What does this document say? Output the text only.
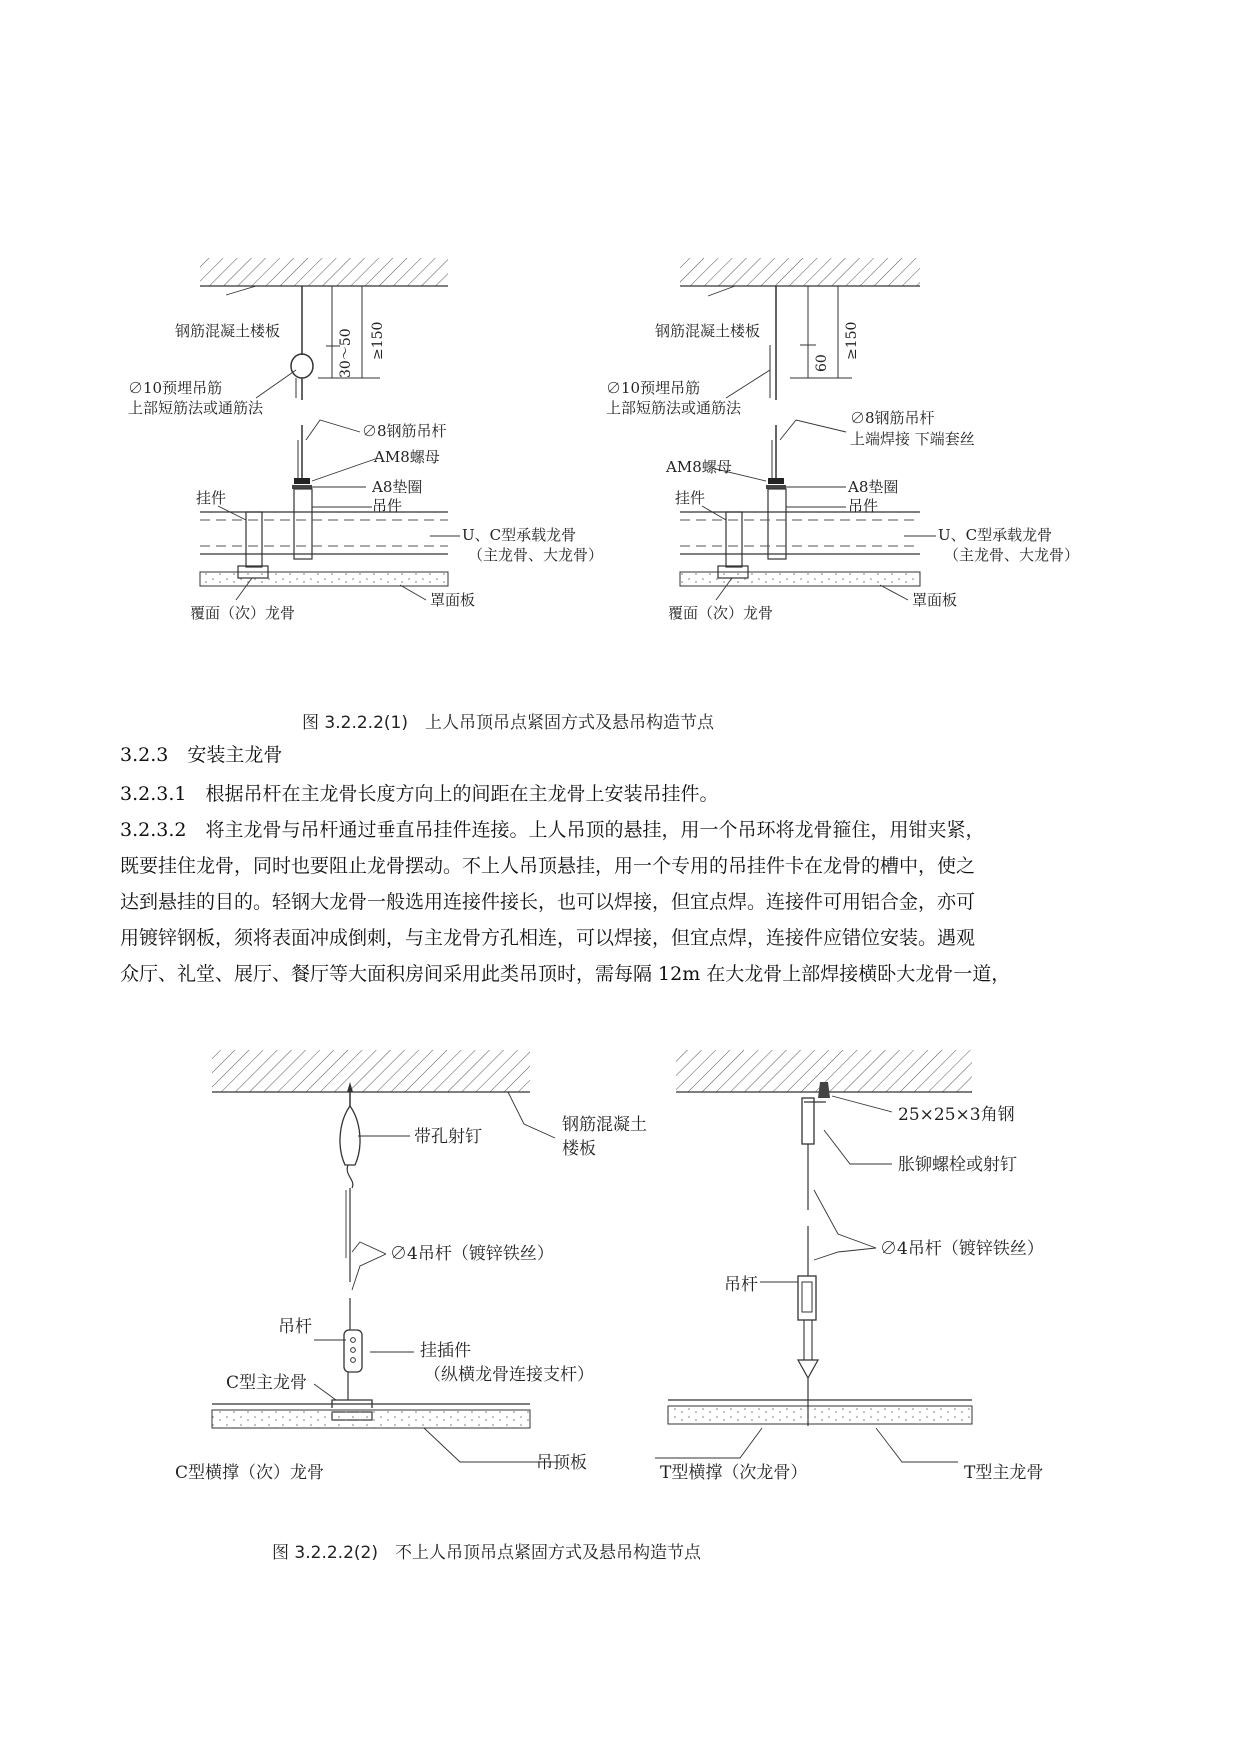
钢筋混凝土楼板
∅10预埋吊筋
上部短筋法或通筋法
∅8钢筋吊杆
AM8螺母
A8垫圈
吊件
挂件
U、C型承载龙骨
（主龙骨、大龙骨）
覆面（次）龙骨
罩面板
30～50 ≥150	钢筋混凝土楼板
∅10预埋吊筋
上部短筋法或通筋法
∅8钢筋吊杆
上端焊接 下端套丝
AM8螺母
A8垫圈
吊件
挂件
U、C型承载龙骨
（主龙骨、大龙骨）
覆面（次）龙骨
罩面板
60
≥150
图 3.2.2.2(1)　上人吊顶吊点紧固方式及悬吊构造节点
3.2.3　安装主龙骨
3.2.3.1　根据吊杆在主龙骨长度方向上的间距在主龙骨上安装吊挂件。
3.2.3.2　将主龙骨与吊杆通过垂直吊挂件连接。上人吊顶的悬挂，用一个吊环将龙骨箍住，用钳夹紧，
既要挂住龙骨，同时也要阻止龙骨摆动。不上人吊顶悬挂，用一个专用的吊挂件卡在龙骨的槽中，使之
达到悬挂的目的。轻钢大龙骨一般选用连接件接长，也可以焊接，但宜点焊。连接件可用铝合金，亦可
用镀锌钢板，须将表面冲成倒刺，与主龙骨方孔相连，可以焊接，但宜点焊，连接件应错位安装。遇观
众厅、礼堂、展厅、餐厅等大面积房间采用此类吊顶时，需每隔 12m 在大龙骨上部焊接横卧大龙骨一道，
带孔射钉
∅4吊杆（镀锌铁丝）
吊杆
挂插件
（纵横龙骨连接支杆）
C型主龙骨
C型横撑（次）龙骨
钢筋混凝土
楼板
吊顶板
25×25×3角钢
胀铆螺栓或射钉
∅4吊杆（镀锌铁丝）
吊杆
T型横撑（次龙骨）	T型主龙骨
图 3.2.2.2(2)　不上人吊顶吊点紧固方式及悬吊构造节点
